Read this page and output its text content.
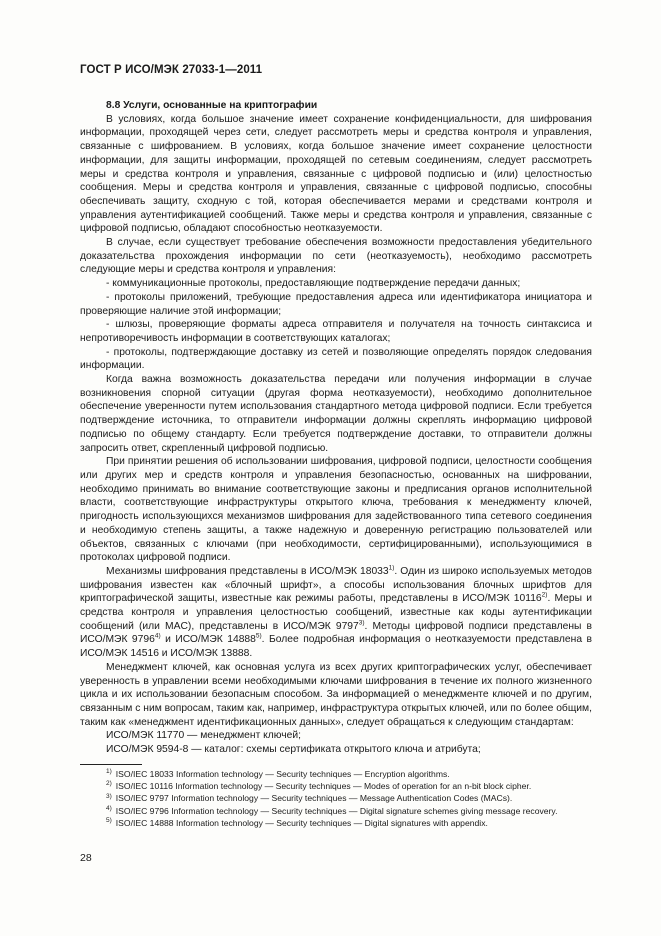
ГОСТ Р ИСО/МЭК 27033-1—2011
8.8 Услуги, основанные на криптографии

В условиях, когда большое значение имеет сохранение конфиденциальности, для шифрования информации, проходящей через сети, следует рассмотреть меры и средства контроля и управления, связанные с шифрованием. В условиях, когда большое значение имеет сохранение целостности информации, для защиты информации, проходящей по сетевым соединениям, следует рассмотреть меры и средства контроля и управления, связанные с цифровой подписью и (или) целостностью сообщения. Меры и средства контроля и управления, связанные с цифровой подписью, способны обеспечивать защиту, сходную с той, которая обеспечивается мерами и средствами контроля и управления аутентификацией сообщений. Также меры и средства контроля и управления, связанные с цифровой подписью, обладают способностью неотказуемости.

В случае, если существует требование обеспечения возможности предоставления убедительного доказательства прохождения информации по сети (неотказуемость), необходимо рассмотреть следующие меры и средства контроля и управления:

- коммуникационные протоколы, предоставляющие подтверждение передачи данных;

- протоколы приложений, требующие предоставления адреса или идентификатора инициатора и проверяющие наличие этой информации;

- шлюзы, проверяющие форматы адреса отправителя и получателя на точность синтаксиса и непротиворечивость информации в соответствующих каталогах;

- протоколы, подтверждающие доставку из сетей и позволяющие определять порядок следования информации.

Когда важна возможность доказательства передачи или получения информации в случае возникновения спорной ситуации (другая форма неотказуемости), необходимо дополнительное обеспечение уверенности путем использования стандартного метода цифровой подписи. Если требуется подтверждение источника, то отправители информации должны скреплять информацию цифровой подписью по общему стандарту. Если требуется подтверждение доставки, то отправители должны запросить ответ, скрепленный цифровой подписью.

При принятии решения об использовании шифрования, цифровой подписи, целостности сообщения или других мер и средств контроля и управления безопасностью, основанных на шифровании, необходимо принимать во внимание соответствующие законы и предписания органов исполнительной власти, соответствующие инфраструктуры открытого ключа, требования к менеджменту ключей, пригодность использующихся механизмов шифрования для задействованного типа сетевого соединения и необходимую степень защиты, а также надежную и доверенную регистрацию пользователей или объектов, связанных с ключами (при необходимости, сертифицированными), использующимися в протоколах цифровой подписи.

Механизмы шифрования представлены в ИСО/МЭК 18033$^{1)}$. Один из широко используемых методов шифрования известен как «блочный шрифт», а способы использования блочных шрифтов для криптографической защиты, известные как режимы работы, представлены в ИСО/МЭК 10116$^{2)}$. Меры и средства контроля и управления целостностью сообщений, известные как коды аутентификации сообщений (или MAC), представлены в ИСО/МЭК 9797$^{3)}$. Методы цифровой подписи представлены в ИСО/МЭК 9796$^{4)}$ и ИСО/МЭК 14888$^{5)}$. Более подробная информация о неотказуемости представлена в ИСО/МЭК 14516 и ИСО/МЭК 13888.

Менеджмент ключей, как основная услуга из всех других криптографических услуг, обеспечивает уверенность в управлении всеми необходимыми ключами шифрования в течение их полного жизненного цикла и их использовании безопасным способом. За информацией о менеджменте ключей и по другим, связанным с ним вопросам, таким как, например, инфраструктура открытых ключей, или по более общим, таким как «менеджмент идентификационных данных», следует обращаться к следующим стандартам:

ИСО/МЭК 11770 — менеджмент ключей;

ИСО/МЭК 9594-8 — каталог: схемы сертификата открытого ключа и атрибута;

$^{1)}$ ISO/IEC 18033 Information technology — Security techniques — Encryption algorithms.

$^{2)}$ ISO/IEC 10116 Information technology — Security techniques — Modes of operation for an n-bit block cipher.

$^{3)}$ ISO/IEC 9797 Information technology — Security techniques — Message Authentication Codes (MACs).

$^{4)}$ ISO/IEC 9796 Information technology — Security techniques — Digital signature schemes giving message recovery.

$^{5)}$ ISO/IEC 14888 Information technology — Security techniques — Digital signatures with appendix.

28
